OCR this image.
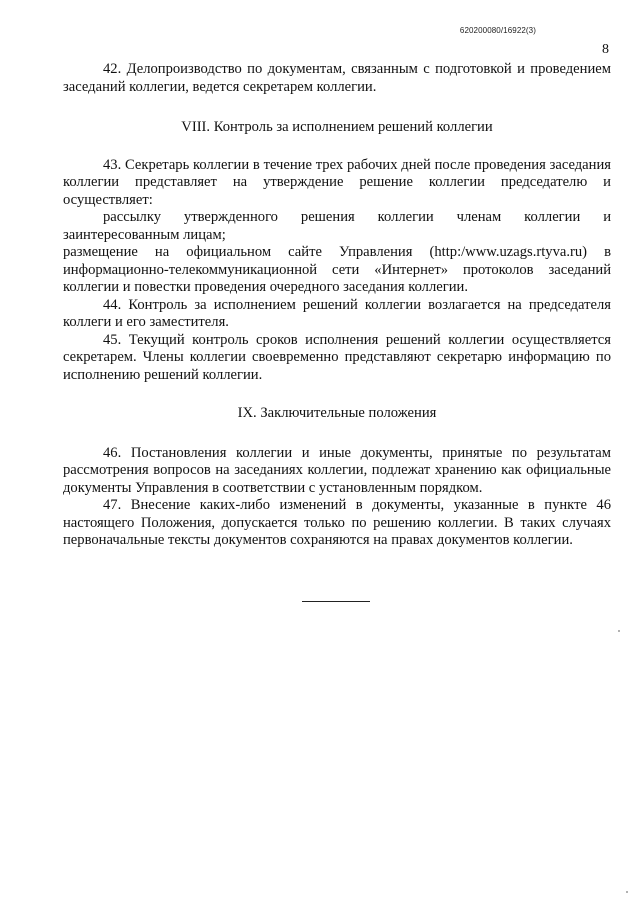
620200080/16922(3)
8

42. Делопроизводство по документам, связанным с подготовкой и проведением заседаний коллегии, ведется секретарем коллегии.

VIII. Контроль за исполнением решений коллегии

43. Секретарь коллегии в течение трех рабочих дней после проведения заседания коллегии представляет на утверждение решение коллегии председателю и осуществляет:

рассылку утвержденного решения коллегии членам коллегии и заинтересованным лицам;

размещение на официальном сайте Управления (http:/www.uzags.rtyva.ru) в информационно-телекоммуникационной сети «Интернет» протоколов заседаний коллегии и повестки проведения очередного заседания коллегии.

44. Контроль за исполнением решений коллегии возлагается на председателя коллеги и его заместителя.

45. Текущий контроль сроков исполнения решений коллегии осуществляется секретарем. Члены коллегии своевременно представляют секретарю информацию по исполнению решений коллегии.

IX. Заключительные положения

46. Постановления коллегии и иные документы, принятые по результатам рассмотрения вопросов на заседаниях коллегии, подлежат хранению как официальные документы Управления в соответствии с установленным порядком.

47. Внесение каких-либо изменений в документы, указанные в пункте 46 настоящего Положения, допускается только по решению коллегии. В таких случаях первоначальные тексты документов сохраняются на правах документов коллегии.
